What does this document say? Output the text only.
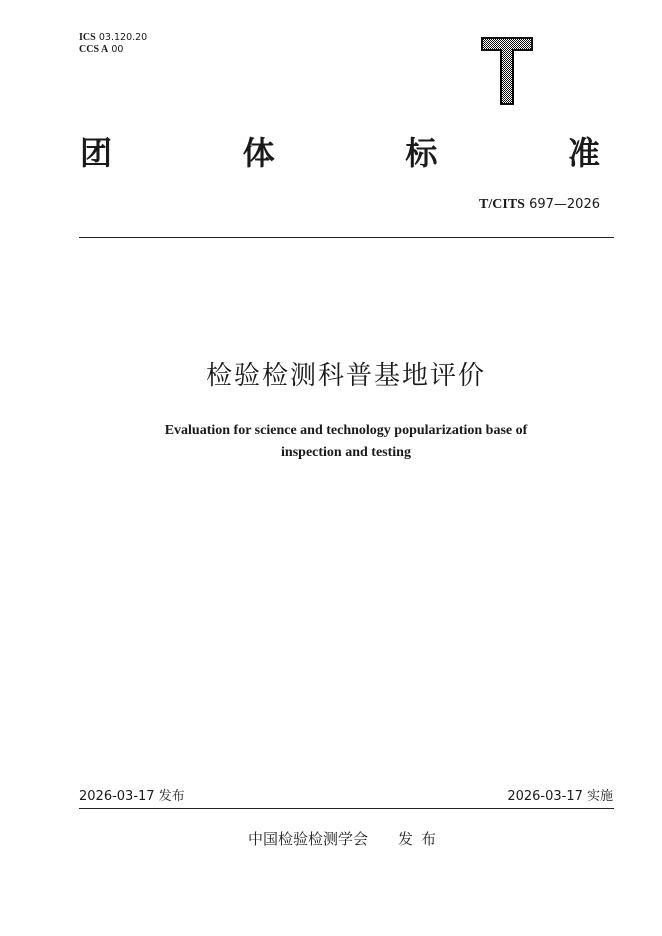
ICS 03.120.20
CCS A 00
团	体	标	准
T/CITS 697—2026
检验检测科普基地评价
Evaluation for science and technology popularization base of
inspection and testing
2026-03-17 发布	2026-03-17 实施
中国检验检测学会 发布
